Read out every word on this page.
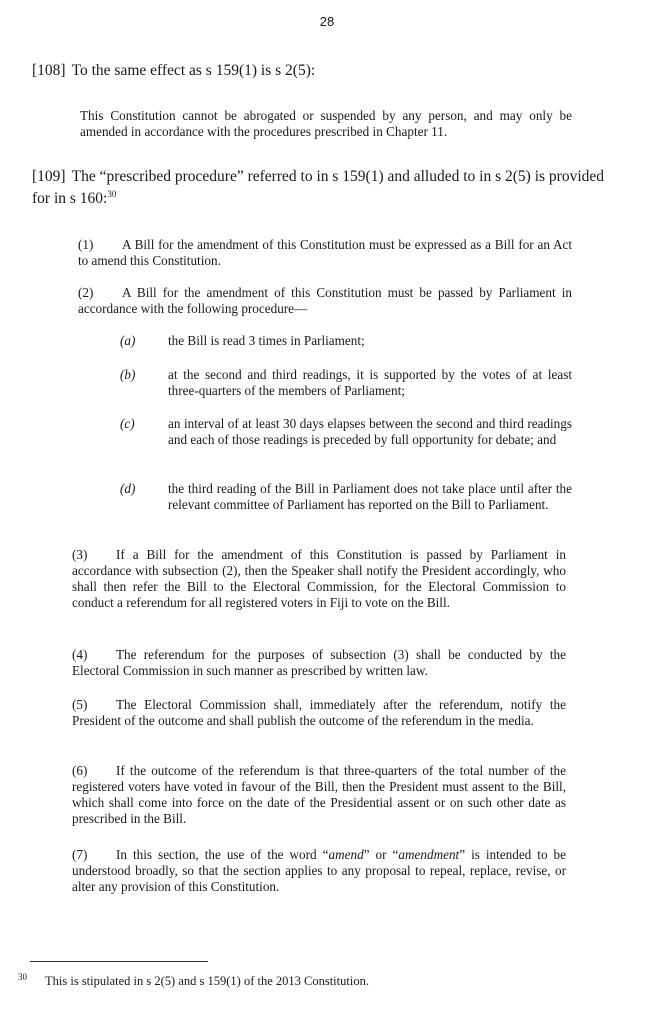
28
[108] To the same effect as s 159(1) is s 2(5):
This Constitution cannot be abrogated or suspended by any person, and may only be amended in accordance with the procedures prescribed in Chapter 11.
[109] The “prescribed procedure” referred to in s 159(1) and alluded to in s 2(5) is provided
for in s 160:$^{30}$
(1) A Bill for the amendment of this Constitution must be expressed as a Bill for an Act to amend this Constitution.
(2) A Bill for the amendment of this Constitution must be passed by Parliament in accordance with the following procedure—
(a) the Bill is read 3 times in Parliament;
(b) at the second and third readings, it is supported by the votes of at least three-quarters of the members of Parliament;
(c)	an interval of at least 30 days elapses between the second and third readings and each of those readings is preceded by full opportunity for debate; and
(d) the third reading of the Bill in Parliament does not take place until after the relevant committee of Parliament has reported on the Bill to Parliament.
(3) If a Bill for the amendment of this Constitution is passed by Parliament in accordance with subsection (2), then the Speaker shall notify the President accordingly, who shall then refer the Bill to the Electoral Commission, for the Electoral Commission to conduct a referendum for all registered voters in Fiji to vote on the Bill.
(4) The referendum for the purposes of subsection (3) shall be conducted by the Electoral Commission in such manner as prescribed by written law.
(5) The Electoral Commission shall, immediately after the referendum, notify the President of the outcome and shall publish the outcome of the referendum in the media.
(6) If the outcome of the referendum is that three-quarters of the total number of the registered voters have voted in favour of the Bill, then the President must assent to the Bill, which shall come into force on the date of the Presidential assent or on such other date as prescribed in the Bill.
(7) In this section, the use of the word “amend” or “amendment” is intended to be understood broadly, so that the section applies to any proposal to repeal, replace, revise, or alter any provision of this Constitution.
$^{30}$ This is stipulated in s 2(5) and s 159(1) of the 2013 Constitution.
